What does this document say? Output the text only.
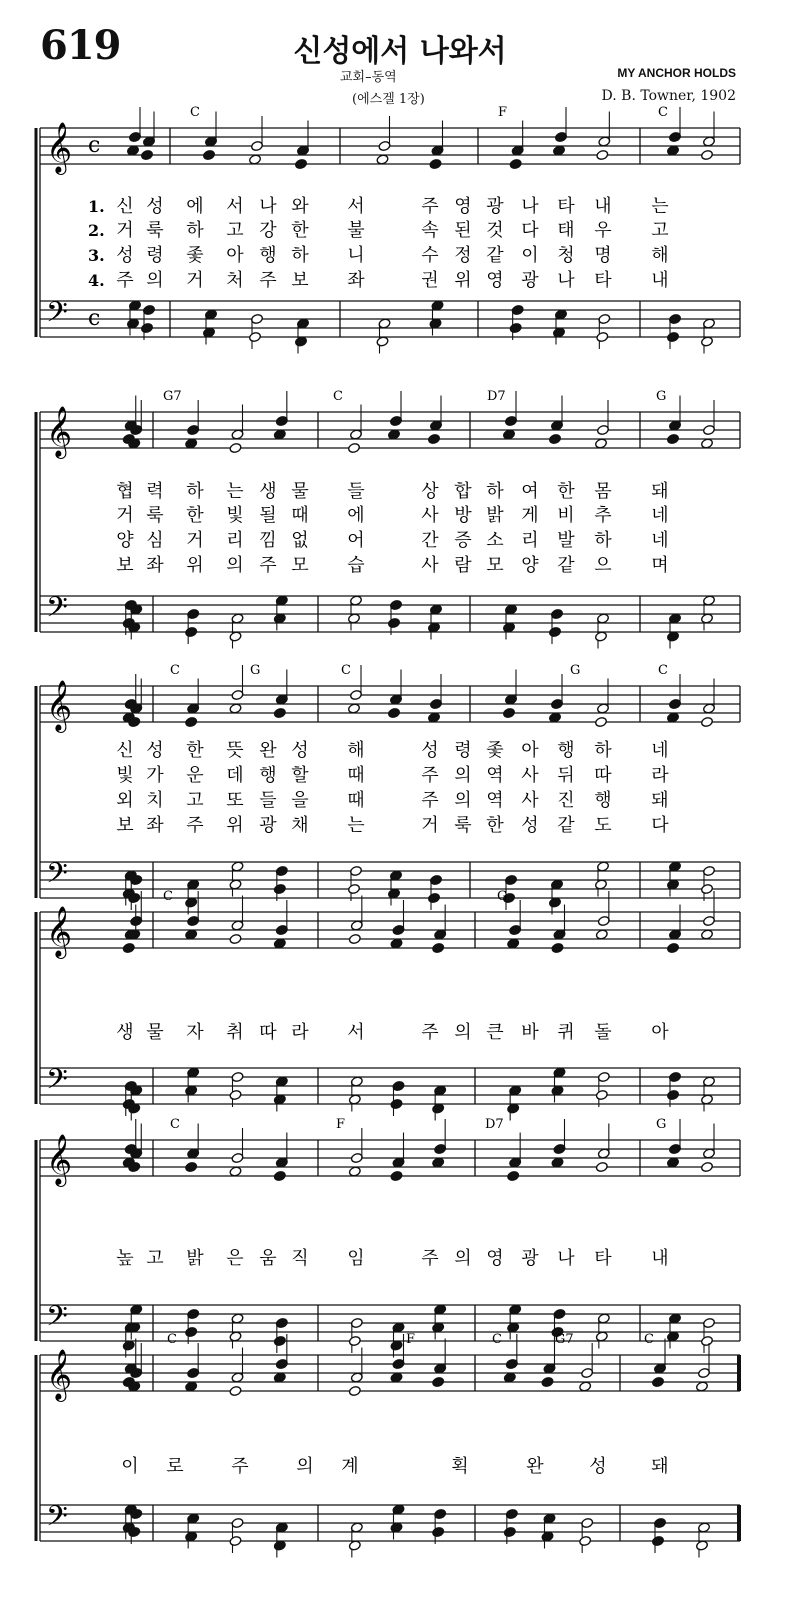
619	신성에서 나와서
교회–동역
(에스겔 1장)
MY ANCHOR HOLDS
D. B. Towner, 1902
𝄞
𝄢
c
c
C	F	C
1.
2.
3.
4.
신 성 에 서 나 와 서	주 영 광 나 타 내 는
거 룩 하 고 강 한 불	속 된 것 다 태 우 고
성 령 좇 아 행 하 니	수 정 같 이 청 명 해
주 의 거 처 주 보 좌	권 위 영 광 나 타 내
𝄞
𝄢
G7	C	D7	G
협 력 하 는 생 물 들	상 합 하 여 한 몸 돼
거 룩 한 빛 될 때 에	사 방 밝 게 비 추 네
양 심 거 리 낌 없 어	간 증 소 리 발 하 네
보 좌 위 의 주 모 습	사 람 모 양 같 으 며
𝄞
𝄢
C	G	C	G	C
신 성 한 뜻 완 성 해	성 령 좇 아 행 하 네
빛 가 운 데 행 할 때	주 의 역 사 뒤 따 라
외 치 고 또 들 을 때	주 의 역 사 진 행 돼
보 좌 주 위 광 채 는	거 룩 한 성 같 도 다
𝄞
𝄢
C	G
생 물 자 취 따 라 서	주 의 큰 바 퀴 돌 아
𝄞
𝄢
C	F	D7	G
높 고 밝 은 움 직 임	주 의 영 광 나 타 내
𝄞
𝄢
C	F	C	G7	C
이 로	주	의 계	획	완	성 돼
